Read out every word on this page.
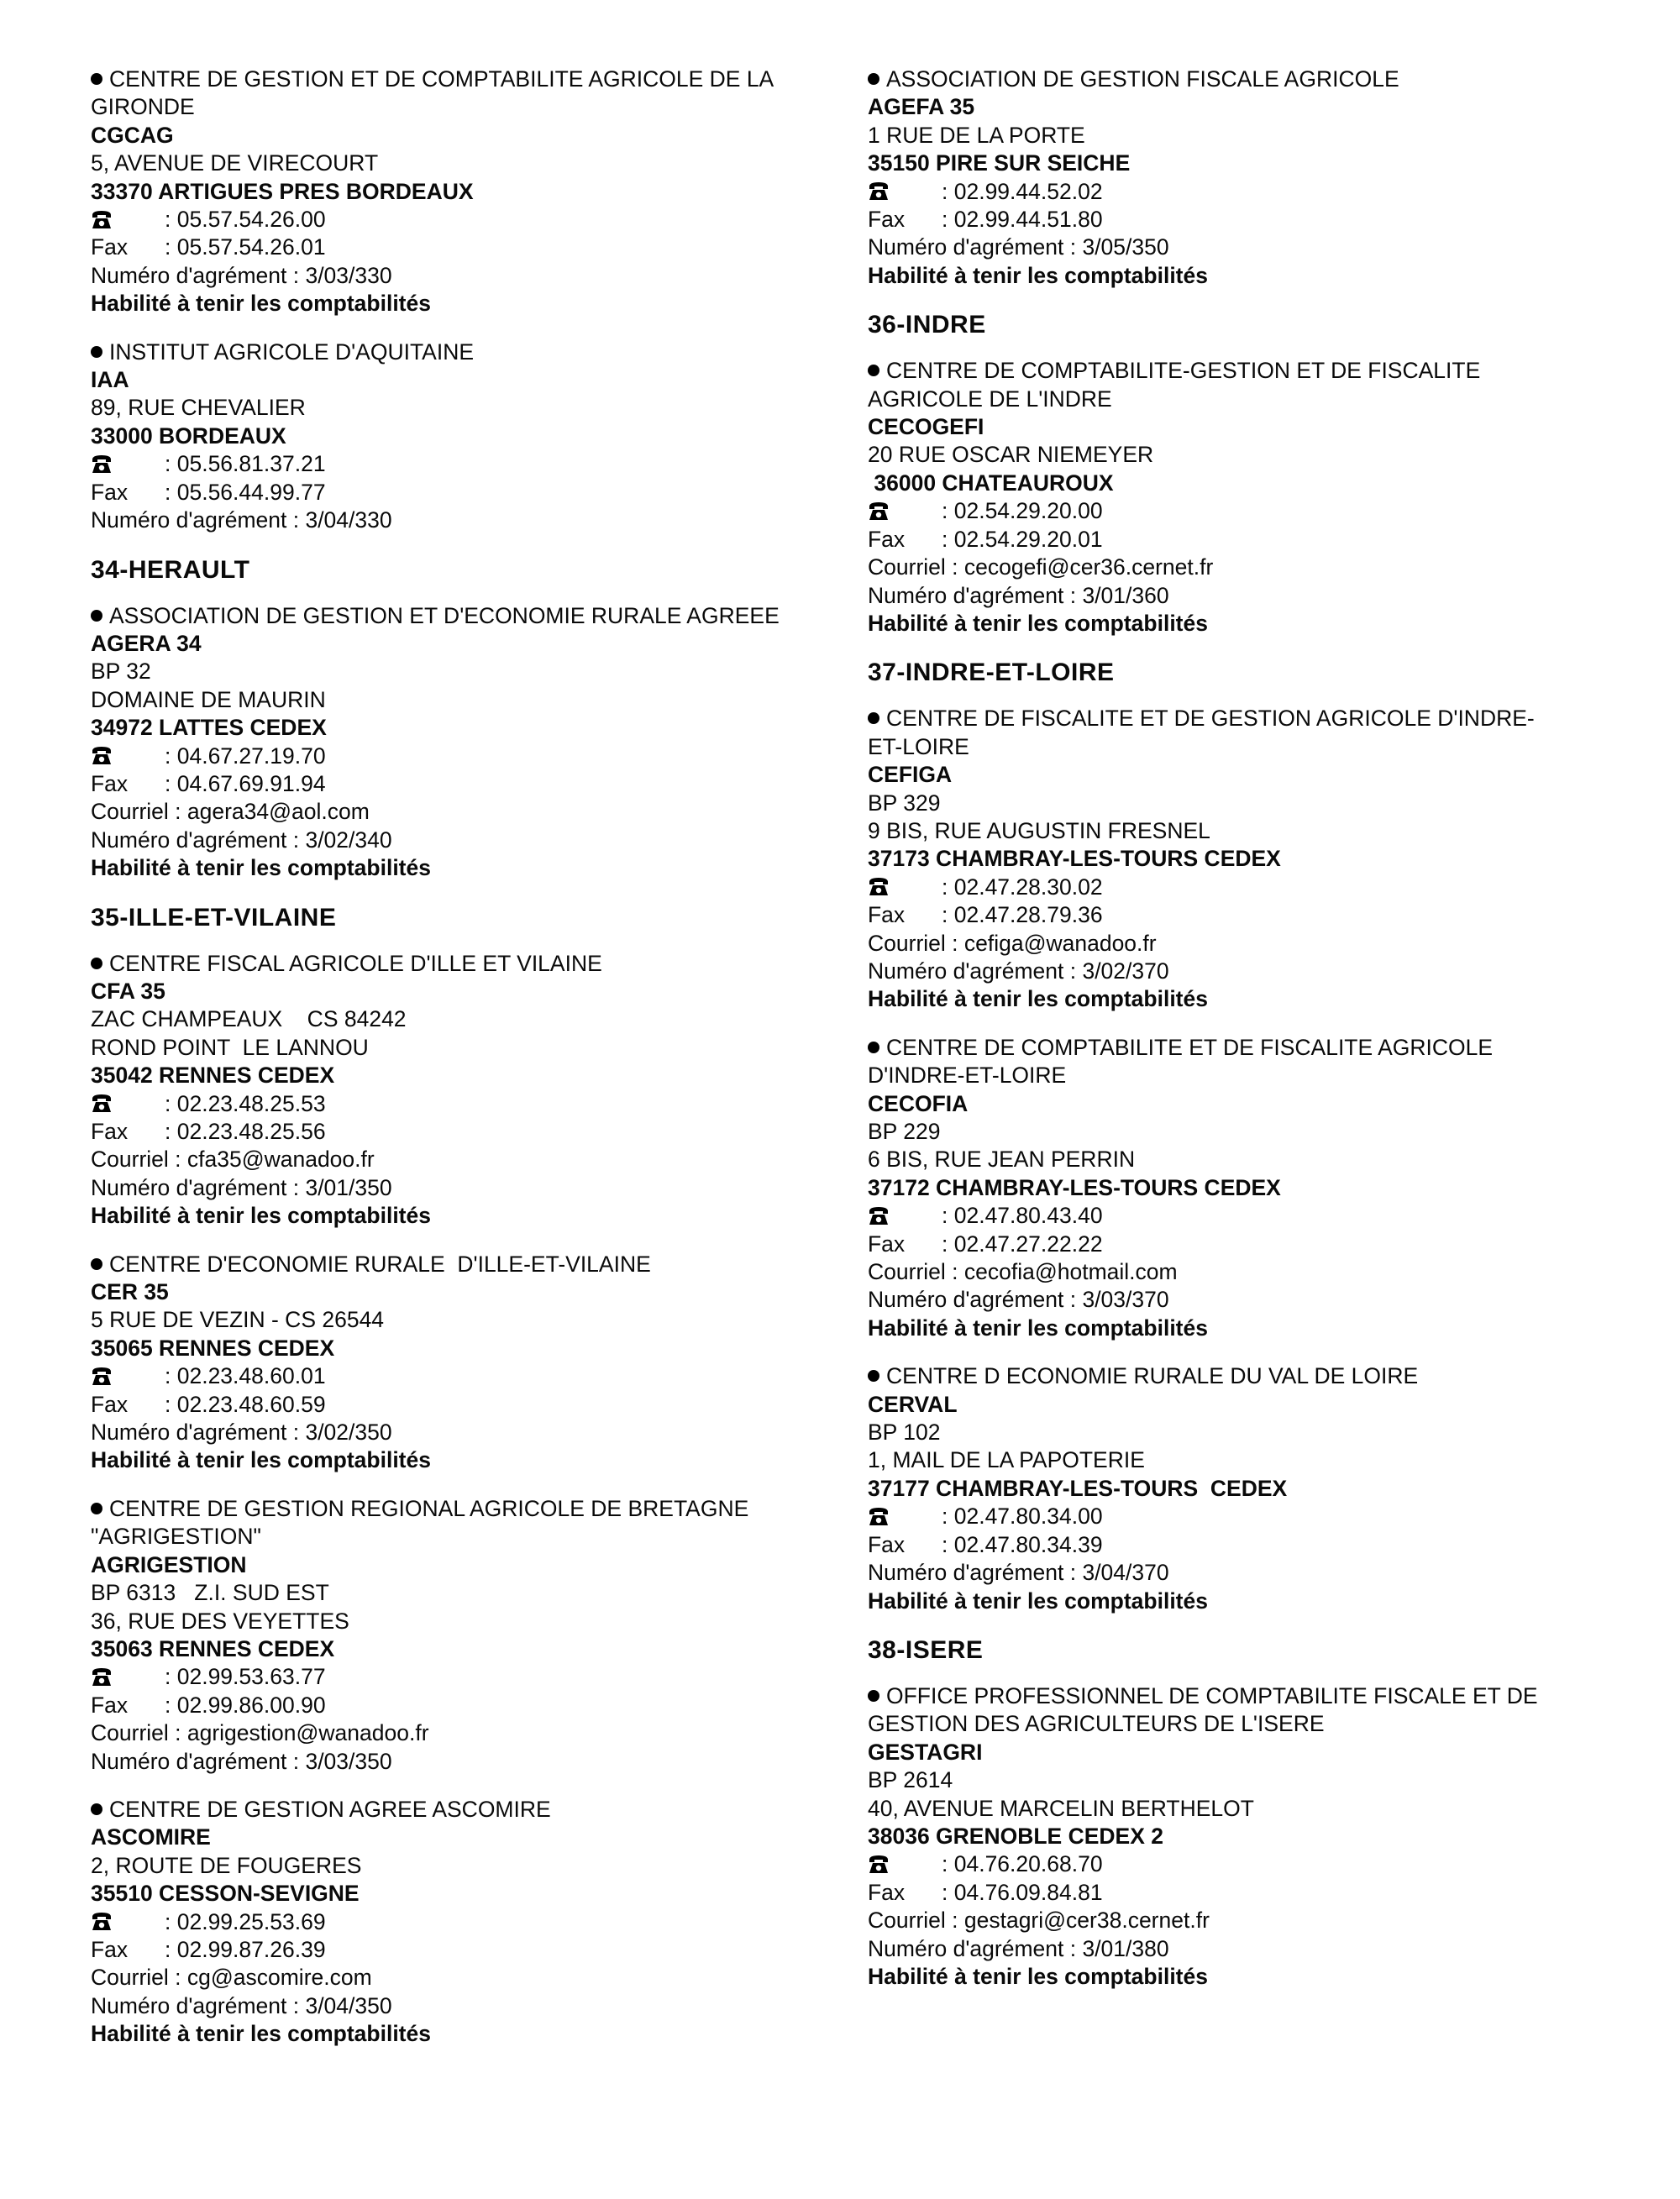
CENTRE DE GESTION ET DE COMPTABILITE AGRICOLE DE LA
GIRONDE
CGCAG
5, AVENUE DE VIRECOURT
33370 ARTIGUES PRES BORDEAUX
: 05.57.54.26.00
Fax : 05.57.54.26.01
Numéro d'agrément : 3/03/330
Habilité à tenir les comptabilités
INSTITUT AGRICOLE D'AQUITAINE
IAA
89, RUE CHEVALIER
33000 BORDEAUX
: 05.56.81.37.21
Fax : 05.56.44.99.77
Numéro d'agrément : 3/04/330
34-HERAULT
ASSOCIATION DE GESTION ET D'ECONOMIE RURALE AGREEE
AGERA 34
BP 32
DOMAINE DE MAURIN
34972 LATTES CEDEX
: 04.67.27.19.70
Fax : 04.67.69.91.94
Courriel : agera34@aol.com
Numéro d'agrément : 3/02/340
Habilité à tenir les comptabilités
35-ILLE-ET-VILAINE
CENTRE FISCAL AGRICOLE D'ILLE ET VILAINE
CFA 35
ZAC CHAMPEAUX    CS 84242
ROND POINT  LE LANNOU
35042 RENNES CEDEX
: 02.23.48.25.53
Fax : 02.23.48.25.56
Courriel : cfa35@wanadoo.fr
Numéro d'agrément : 3/01/350
Habilité à tenir les comptabilités
CENTRE D'ECONOMIE RURALE  D'ILLE-ET-VILAINE
CER 35
5 RUE DE VEZIN - CS 26544
35065 RENNES CEDEX
: 02.23.48.60.01
Fax : 02.23.48.60.59
Numéro d'agrément : 3/02/350
Habilité à tenir les comptabilités
CENTRE DE GESTION REGIONAL AGRICOLE DE BRETAGNE
"AGRIGESTION"
AGRIGESTION
BP 6313   Z.I. SUD EST
36, RUE DES VEYETTES
35063 RENNES CEDEX
: 02.99.53.63.77
Fax : 02.99.86.00.90
Courriel : agrigestion@wanadoo.fr
Numéro d'agrément : 3/03/350
CENTRE DE GESTION AGREE ASCOMIRE
ASCOMIRE
2, ROUTE DE FOUGERES
35510 CESSON-SEVIGNE
: 02.99.25.53.69
Fax : 02.99.87.26.39
Courriel : cg@ascomire.com
Numéro d'agrément : 3/04/350
Habilité à tenir les comptabilités
ASSOCIATION DE GESTION FISCALE AGRICOLE
AGEFA 35
1 RUE DE LA PORTE
35150 PIRE SUR SEICHE
: 02.99.44.52.02
Fax : 02.99.44.51.80
Numéro d'agrément : 3/05/350
Habilité à tenir les comptabilités
36-INDRE
CENTRE DE COMPTABILITE-GESTION ET DE FISCALITE
AGRICOLE DE L'INDRE
CECOGEFI
20 RUE OSCAR NIEMEYER
36000 CHATEAUROUX
: 02.54.29.20.00
Fax : 02.54.29.20.01
Courriel : cecogefi@cer36.cernet.fr
Numéro d'agrément : 3/01/360
Habilité à tenir les comptabilités
37-INDRE-ET-LOIRE
CENTRE DE FISCALITE ET DE GESTION AGRICOLE D'INDRE-
ET-LOIRE
CEFIGA
BP 329
9 BIS, RUE AUGUSTIN FRESNEL
37173 CHAMBRAY-LES-TOURS CEDEX
: 02.47.28.30.02
Fax : 02.47.28.79.36
Courriel : cefiga@wanadoo.fr
Numéro d'agrément : 3/02/370
Habilité à tenir les comptabilités
CENTRE DE COMPTABILITE ET DE FISCALITE AGRICOLE
D'INDRE-ET-LOIRE
CECOFIA
BP 229
6 BIS, RUE JEAN PERRIN
37172 CHAMBRAY-LES-TOURS CEDEX
: 02.47.80.43.40
Fax : 02.47.27.22.22
Courriel : cecofia@hotmail.com
Numéro d'agrément : 3/03/370
Habilité à tenir les comptabilités
CENTRE D ECONOMIE RURALE DU VAL DE LOIRE
CERVAL
BP 102
1, MAIL DE LA PAPOTERIE
37177 CHAMBRAY-LES-TOURS  CEDEX
: 02.47.80.34.00
Fax : 02.47.80.34.39
Numéro d'agrément : 3/04/370
Habilité à tenir les comptabilités
38-ISERE
OFFICE PROFESSIONNEL DE COMPTABILITE FISCALE ET DE
GESTION DES AGRICULTEURS DE L'ISERE
GESTAGRI
BP 2614
40, AVENUE MARCELIN BERTHELOT
38036 GRENOBLE CEDEX 2
: 04.76.20.68.70
Fax : 04.76.09.84.81
Courriel : gestagri@cer38.cernet.fr
Numéro d'agrément : 3/01/380
Habilité à tenir les comptabilités
